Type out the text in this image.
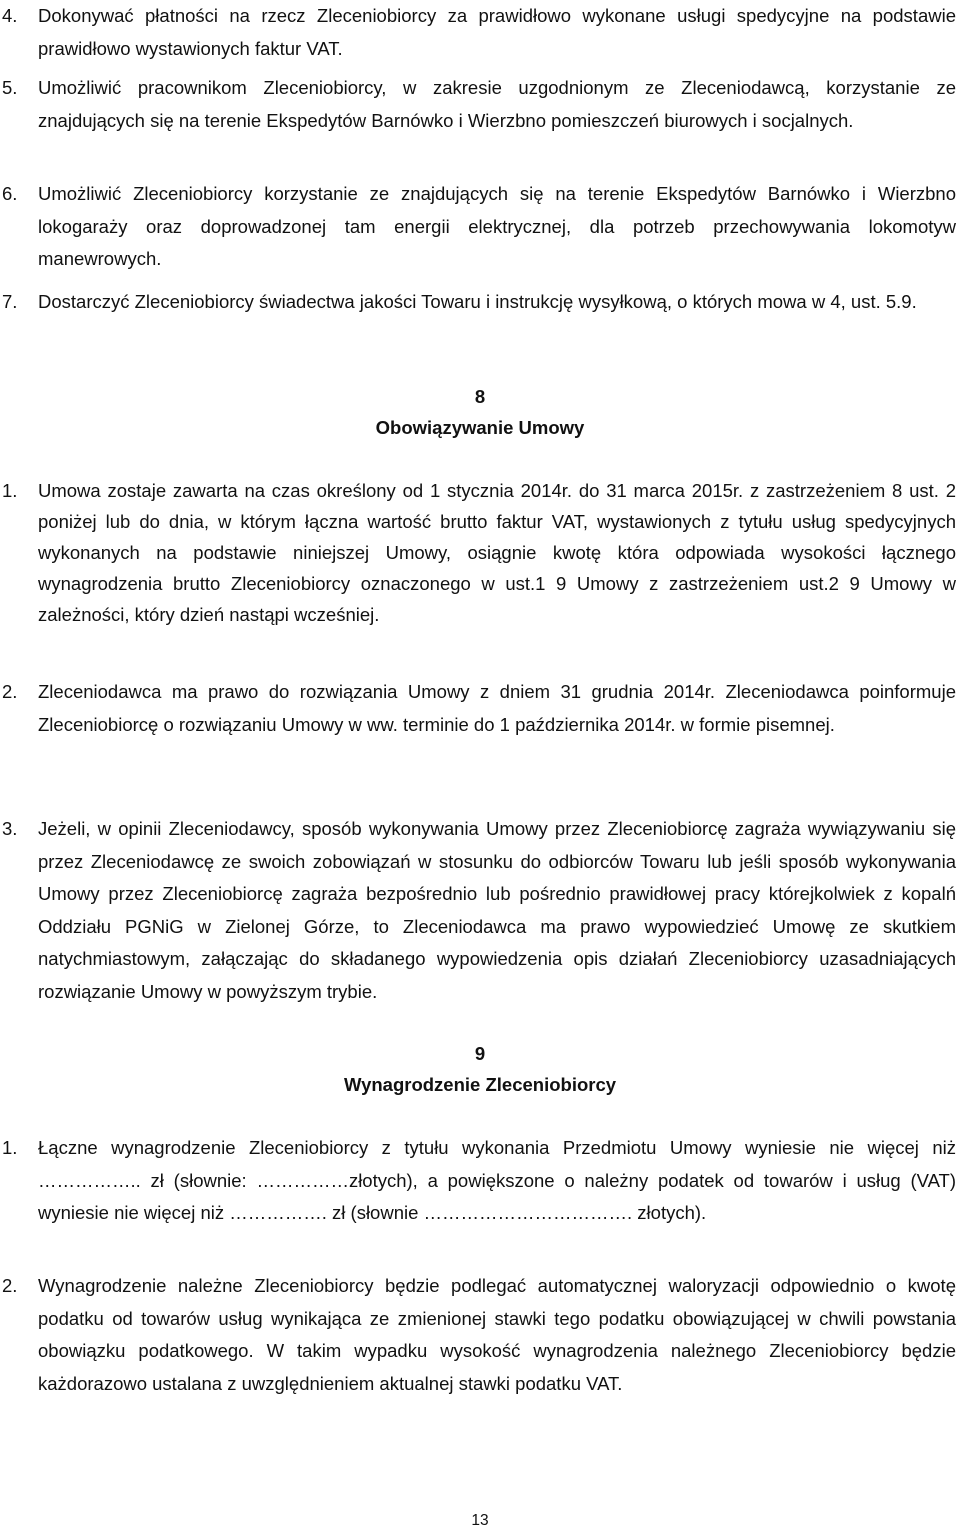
4. Dokonywać płatności na rzecz Zleceniobiorcy za prawidłowo wykonane usługi spedycyjne na podstawie prawidłowo wystawionych faktur VAT.
5. Umożliwić pracownikom Zleceniobiorcy, w zakresie uzgodnionym ze Zleceniodawcą, korzystanie ze znajdujących się na terenie Ekspedytów Barnówko i Wierzbno pomieszczeń biurowych i socjalnych.
6. Umożliwić Zleceniobiorcy korzystanie ze znajdujących się na terenie Ekspedytów Barnówko i Wierzbno lokogaraży oraz doprowadzonej tam energii elektrycznej, dla potrzeb przechowywania lokomotyw manewrowych.
7. Dostarczyć Zleceniobiorcy świadectwa jakości Towaru i instrukcję wysyłkową, o których mowa w 4, ust. 5.9.
8
Obowiązywanie Umowy
1. Umowa zostaje zawarta na czas określony od 1 stycznia 2014r. do 31 marca 2015r. z zastrzeżeniem 8 ust. 2 poniżej lub do dnia, w którym łączna wartość brutto faktur VAT, wystawionych z tytułu usług spedycyjnych wykonanych na podstawie niniejszej Umowy, osiągnie kwotę która odpowiada wysokości łącznego wynagrodzenia brutto Zleceniobiorcy oznaczonego w ust.1 9 Umowy z zastrzeżeniem ust.2 9 Umowy w zależności, który dzień nastąpi wcześniej.
2. Zleceniodawca ma prawo do rozwiązania Umowy z dniem 31 grudnia 2014r. Zleceniodawca poinformuje Zleceniobiorcę o rozwiązaniu Umowy w ww. terminie do 1 października 2014r. w formie pisemnej.
3. Jeżeli, w opinii Zleceniodawcy, sposób wykonywania Umowy przez Zleceniobiorcę zagraża wywiązywaniu się przez Zleceniodawcę ze swoich zobowiązań w stosunku do odbiorców Towaru lub jeśli sposób wykonywania Umowy przez Zleceniobiorcę zagraża bezpośrednio lub pośrednio prawidłowej pracy którejkolwiek z kopalń Oddziału PGNiG w Zielonej Górze, to Zleceniodawca ma prawo wypowiedzieć Umowę ze skutkiem natychmiastowym, załączając do składanego wypowiedzenia opis działań Zleceniobiorcy uzasadniających rozwiązanie Umowy w powyższym trybie.
9
Wynagrodzenie Zleceniobiorcy
1. Łączne wynagrodzenie Zleceniobiorcy z tytułu wykonania Przedmiotu Umowy wyniesie nie więcej niż …………….. zł (słownie: ……………złotych), a powiększone o należny podatek od towarów i usług (VAT) wyniesie nie więcej niż ……………. zł (słownie ……………………………. złotych).
2. Wynagrodzenie należne Zleceniobiorcy będzie podlegać automatycznej waloryzacji odpowiednio o kwotę podatku od towarów usług wynikająca ze zmienionej stawki tego podatku obowiązującej w chwili powstania obowiązku podatkowego. W takim wypadku wysokość wynagrodzenia należnego Zleceniobiorcy będzie każdorazowo ustalana z uwzględnieniem aktualnej stawki podatku VAT.
13
